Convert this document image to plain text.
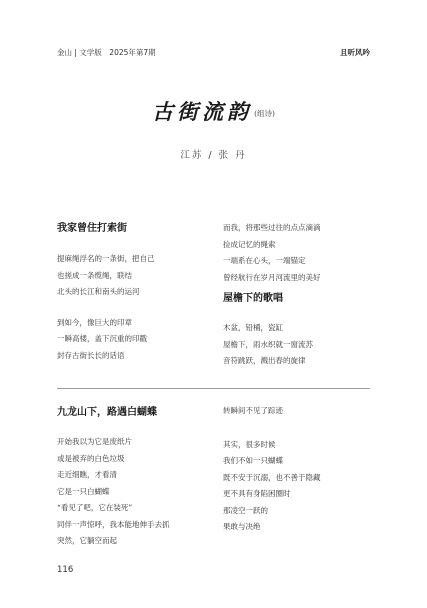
金山 | 文学版　2025年第7期	且听风吟
古街流韵 (组诗)
江苏 / 张 丹
我家曾住打索街
提麻绳浮名的一条街，把自己
也搓成一条缆绳，联结
北头的长江和南头的运河
到如今，像巨大的印章
一瞬高楼，盖下沉重的印戳
封存古街长长的话语
而我，将那些过往的点点滴滴
捡成记忆的绳索
一端系在心头，一端锚定
曾经航行在岁月河流里的美好
屋檐下的歌唱
木盆，铅桶，瓷缸
屋檐下，雨水织就一窗流苏
音符跳跃，溅出春的旋律
九龙山下，路遇白蝴蝶
开始我以为它是废纸片
或是被弃的白色垃圾
走近细瞧，才看清
它是一只白蝴蝶
“看见了吧，它在装死”
同伴一声惊呼，我本能地伸手去抓
突然，它躺空而起
转瞬间不见了踪迹
其实，很多时候
我们不如一只蝴蝶
既不安于沉溺，也不善于隐藏
更不具有身陷困圈时
那凌空一跃的
果敢与决绝
116
